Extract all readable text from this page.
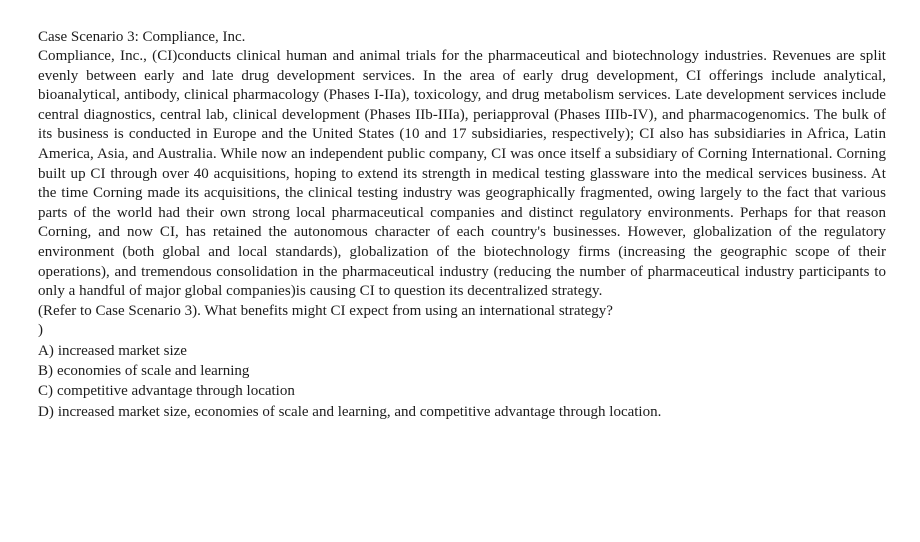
Case Scenario 3: Compliance, Inc.

Compliance, Inc., (CI)conducts clinical human and animal trials for the pharmaceutical and biotechnology industries. Revenues are split evenly between early and late drug development services. In the area of early drug development, CI offerings include analytical, bioanalytical, antibody, clinical pharmacology (Phases I-IIa), toxicology, and drug metabolism services. Late development services include central diagnostics, central lab, clinical development (Phases IIb-IIIa), periapproval (Phases IIIb-IV), and pharmacogenomics. The bulk of its business is conducted in Europe and the United States (10 and 17 subsidiaries, respectively); CI also has subsidiaries in Africa, Latin America, Asia, and Australia. While now an independent public company, CI was once itself a subsidiary of Corning International. Corning built up CI through over 40 acquisitions, hoping to extend its strength in medical testing glassware into the medical services business. At the time Corning made its acquisitions, the clinical testing industry was geographically fragmented, owing largely to the fact that various parts of the world had their own strong local pharmaceutical companies and distinct regulatory environments. Perhaps for that reason Corning, and now CI, has retained the autonomous character of each country's businesses. However, globalization of the regulatory environment (both global and local standards), globalization of the biotechnology firms (increasing the geographic scope of their operations), and tremendous consolidation in the pharmaceutical industry (reducing the number of pharmaceutical industry participants to only a handful of major global companies)is causing CI to question its decentralized strategy.

(Refer to Case Scenario 3). What benefits might CI expect from using an international strategy?

)

A) increased market size
B) economies of scale and learning
C) competitive advantage through location
D) increased market size, economies of scale and learning, and competitive advantage through location.
